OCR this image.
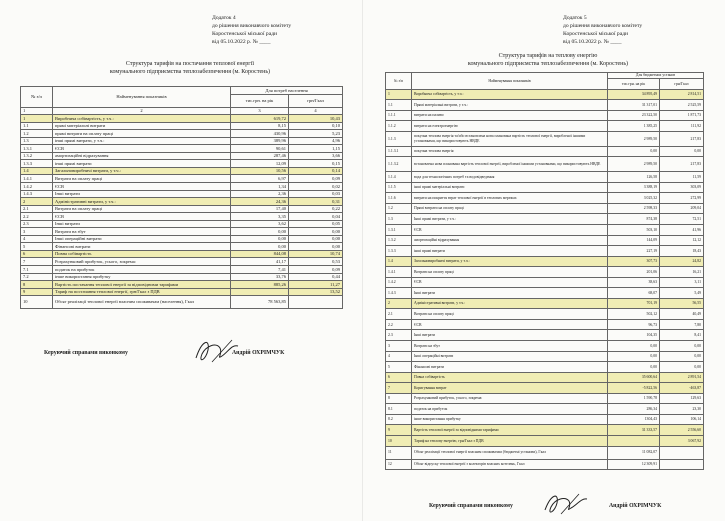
Додаток 4
до рішення виконавчого комітету
Коростенської міської ради
від 05.10.2022 р. № ____
Структура тарифів на постачання теплової енергії
комунального підприємства теплозабезпечення (м. Коростень)
№ з/п	Найменування показників	Для потреб населення	
		тис.грн. на рік	грн/Гкал
1	2	3	4
1	Виробнича собівартість, у т.ч.:	619,72	10,43
1.1	прямі матеріальні витрати	8,15	0,10
1.2	прямі витрати на оплату праці	430,96	5,23
1.3	інші прямі витрати, у т.ч.:	389,96	4,96
1.3.1	ЄСВ	90,61	1,15
1.3.2	амортизаційні відрахування	287,46	3,66
1.3.3	інші прямі витрати	12,09	0,15
1.4	Загальновиробничі витрати, у т.ч.:	10,56	0,14
1.4.1	Витрати на оплату праці	6,97	0,09
1.4.2	ЄСВ	1,34	0,02
1.4.3	Інші витрати	2,36	0,03
2	Адміністративні витрати, у т.ч.:	24,36	0,31
2.1	Витрати на оплату праці	17,40	0,22
2.2	ЄСВ	3,35	0,04
2.3	Інші витрати	3,62	0,05
3	Витрати на збут	0,00	0,00
4	Інші операційні витрати	0,00	0,00
5	Фінансові витрати	0,00	0,00
6	Повна собівартість	844,08	10,74
7	Розрахунковий прибуток, усього, зокрема:	41,17	0,53
7.1	податок на прибуток	7,41	0,09
7.2	інше використання прибутку	33,76	0,44
8	Вартість постачання теплової енергії за відповідними тарифами	885,26	11,27
9	Тариф на постачання теплової енергії, грн/Гкал з ПДВ		13,52
10	Обсяг реалізації теплової енергії власним споживачам (населення), Гкал	78 563,85	
Керуючий справами виконкому	Андрій ОХРІМЧУК
Додаток 5
до рішення виконавчого комітету
Коростенської міської ради
від 05.10.2022 р. № ____
Структура тарифів на теплову енергію
комунального підприємства теплозабезпечення (м. Коростень)
№ з/п	Найменування показників	Для бюджетних установ	
		тис.грн. на рік	грн/Гкал
1	Виробнича собівартість, у т.ч.:	34 895,49	2 814,51
1.1	Прямі матеріальні витрати, у т.ч.:	31 317,01	2 525,59
1.1.1	витрати на паливо	23 322,50	1 871,73
1.1.2	витрати на електроенергію	1 385,25	111,92
1.1.3	покупна теплова енергія та/або встановлена нова планована вартість теплової енергії, виробленої іншими установками, що використовують НВДЕ	2 989,50	217,83
1.1.3.1	покупна теплова енергія	0,00	0,00
1.1.3.2	встановлена нова планована вартість теплової енергії, виробленої іншими установками, що використовують НВДЕ	2 989,50	217,83
1.1.4	вода для технологічних потреб та водовідведення	126,58	11,59
1.1.5	інші прямі матеріальні витрати	3 388,19	303,09
1.1.6	витрати на покриття втрат теплової енергії в теплових мережах	3 025,32	272,99
1.2	Прямі витрати на оплату праці	2 598,33	209,04
1.3	Інші прямі витрати, у т.ч.:	874,38	72,51
1.3.1	ЄСВ	503,10	41,96
1.3.2	амортизаційні відрахування	144,09	12,12
1.3.3	інші прямі витрати	227,19	18,43
1.4	Загальновиробничі витрати, у т.ч.:	307,73	24,82
1.4.1	Витрати на оплату праці	201,06	16,21
1.4.2	ЄСВ	38,63	3,11
1.4.3	Інші витрати	68,07	5,49
2	Адміністративні витрати, у т.ч.:	701,19	56,55
2.1	Витрати на оплату праці	502,12	40,49
2.2	ЄСВ	96,73	7,80
2.3	Інші витрати	104,35	8,41
3	Витрати на збут	0,00	0,00
4	Інші операційні витрати	0,00	0,00
5	Фінансові витрати	0,00	0,00
6	Повна собівартість	35 600,64	2 891,54
7	Коригування витрат	-5 822,56	-463,87
8	Розрахунковий прибуток, усього, зокрема:	1 590,78	129,63
8.1	податок на прибуток	286,34	23,30
8.2	інше використання прибутку	1304,43	106,14
9	Вартість теплової енергії за відповідними тарифами	31 333,57	2 556,60
10	Тариф на теплову енергію, грн/Гкал з ПДВ		3 067,92
11	Обсяг реалізації теплової енергії власним споживачам (бюджетні установи), Гкал	11 082,07	
12	Обсяг відпуску теплової енергії з колекторів власних котелень, Гкал	12 309,91	
Керуючий справами виконкому	Андрій ОХРІМЧУК
